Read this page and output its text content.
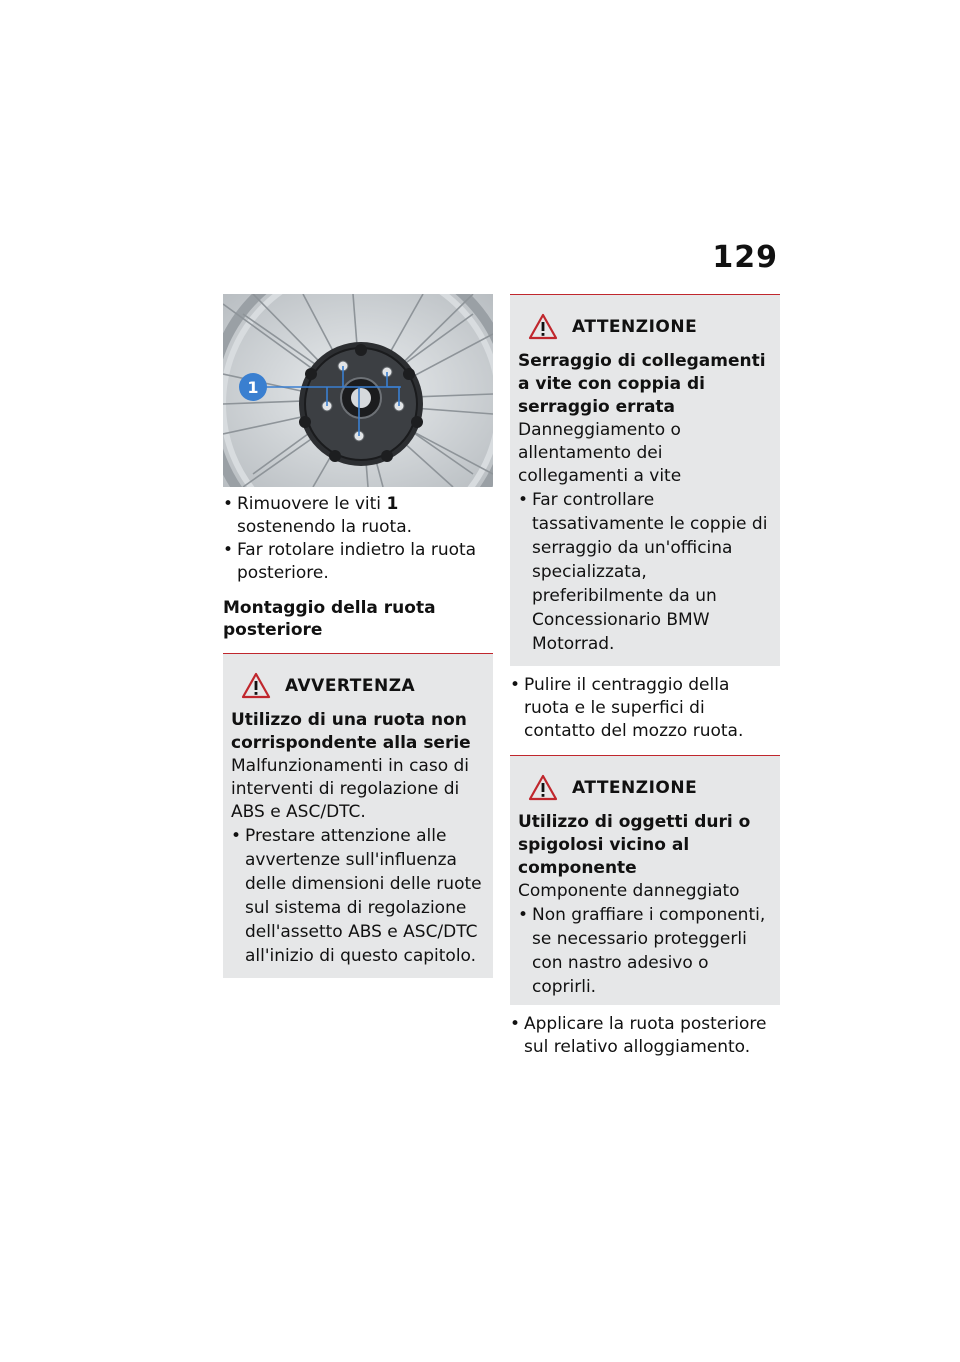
129
1
• Rimuovere le viti 1 sostenendo la ruota.
• Far rotolare indietro la ruota posteriore.

Montaggio della ruota posteriore

AVVERTENZA

Utilizzo di una ruota non corrispondente alla serie

Malfunzionamenti in caso di interventi di regolazione di ABS e ASC/DTC.

• Prestare attenzione alle avvertenze sull'influenza delle dimensioni delle ruote sul sistema di regolazione dell'assetto ABS e ASC/DTC all'inizio di questo capitolo.
ATTENZIONE

Serraggio di collegamenti a vite con coppia di serraggio errata

Danneggiamento o allentamento dei collegamenti a vite

• Far controllare tassativamente le coppie di serraggio da un'officina specializzata, preferibilmente da un Concessionario BMW Motorrad.
• Pulire il centraggio della ruota e le superfici di contatto del mozzo ruota.
ATTENZIONE

Utilizzo di oggetti duri o spigolosi vicino al componente

Componente danneggiato

• Non graffiare i componenti, se necessario proteggerli con nastro adesivo o coprirli.
• Applicare la ruota posteriore sul relativo alloggiamento.
